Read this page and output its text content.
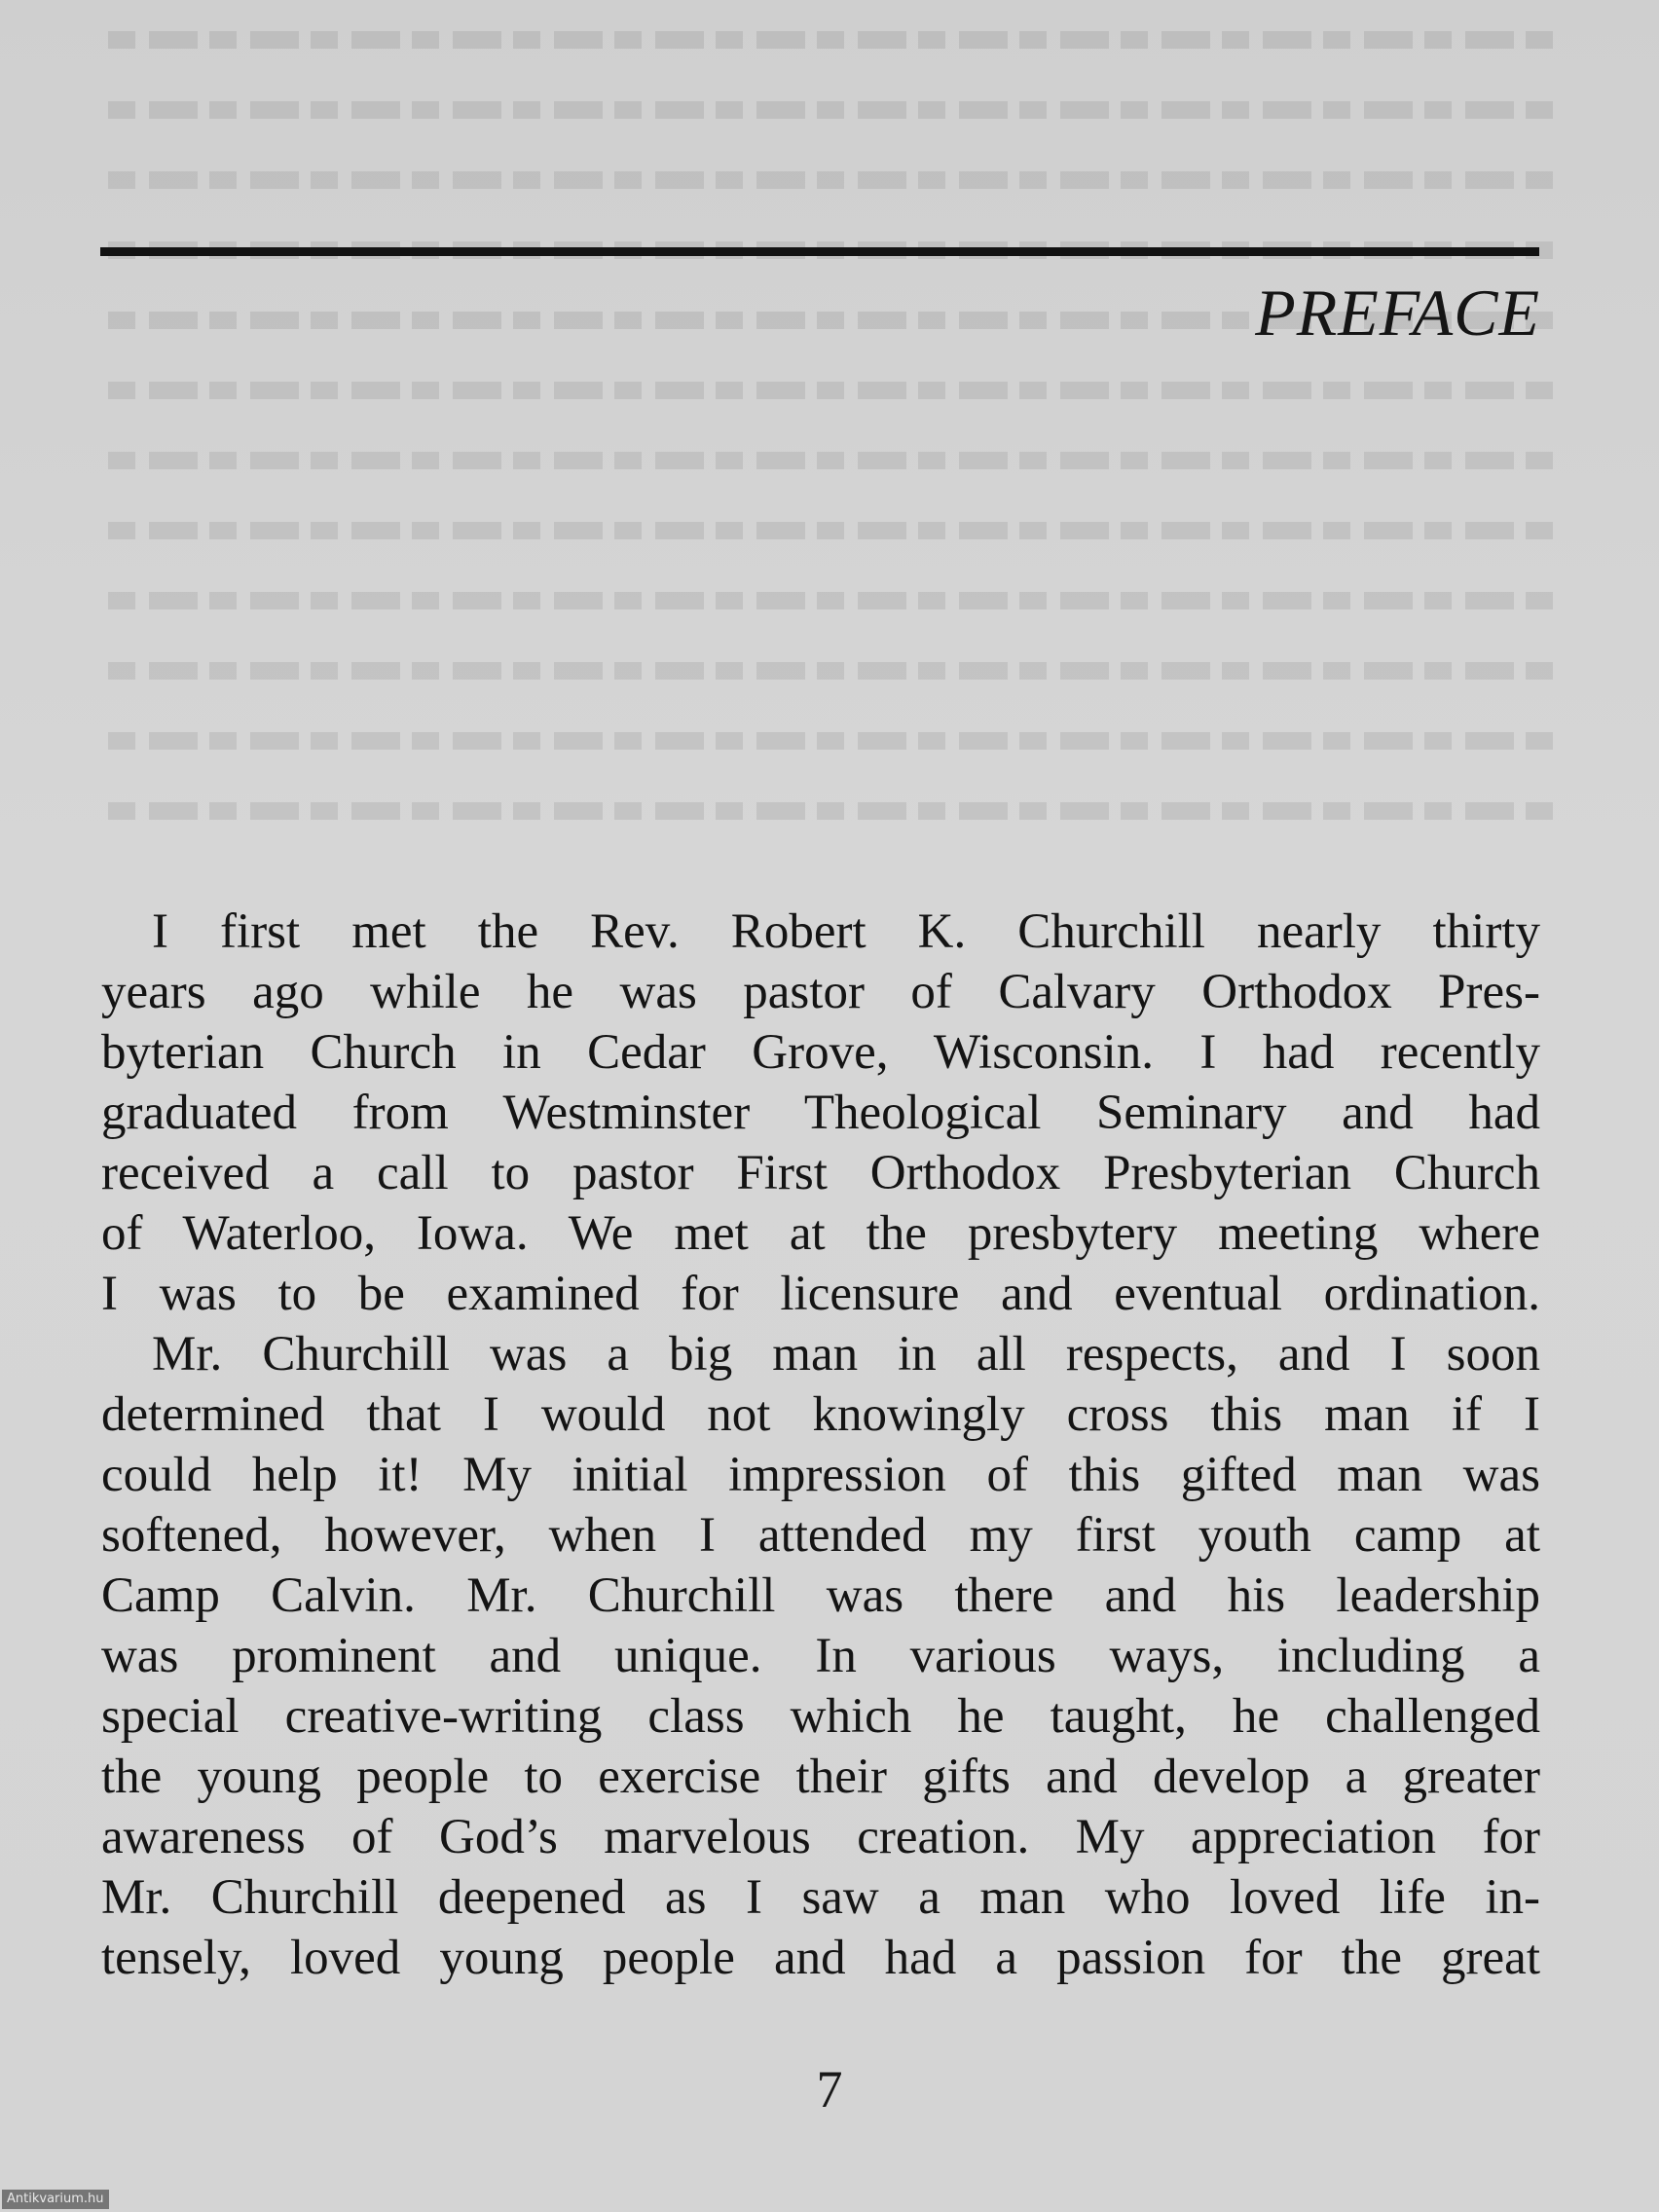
PREFACE
I first met the Rev. Robert K. Churchill nearly thirty
years ago while he was pastor of Calvary Orthodox Pres-
byterian Church in Cedar Grove, Wisconsin. I had recently
graduated from Westminster Theological Seminary and had
received a call to pastor First Orthodox Presbyterian Church
of Waterloo, Iowa. We met at the presbytery meeting where
I was to be examined for licensure and eventual ordination.
Mr. Churchill was a big man in all respects, and I soon
determined that I would not knowingly cross this man if I
could help it! My initial impression of this gifted man was
softened, however, when I attended my first youth camp at
Camp Calvin. Mr. Churchill was there and his leadership
was prominent and unique. In various ways, including a
special creative-writing class which he taught, he challenged
the young people to exercise their gifts and develop a greater
awareness of God’s marvelous creation. My appreciation for
Mr. Churchill deepened as I saw a man who loved life in-
tensely, loved young people and had a passion for the great
7
Antikvarium.hu
